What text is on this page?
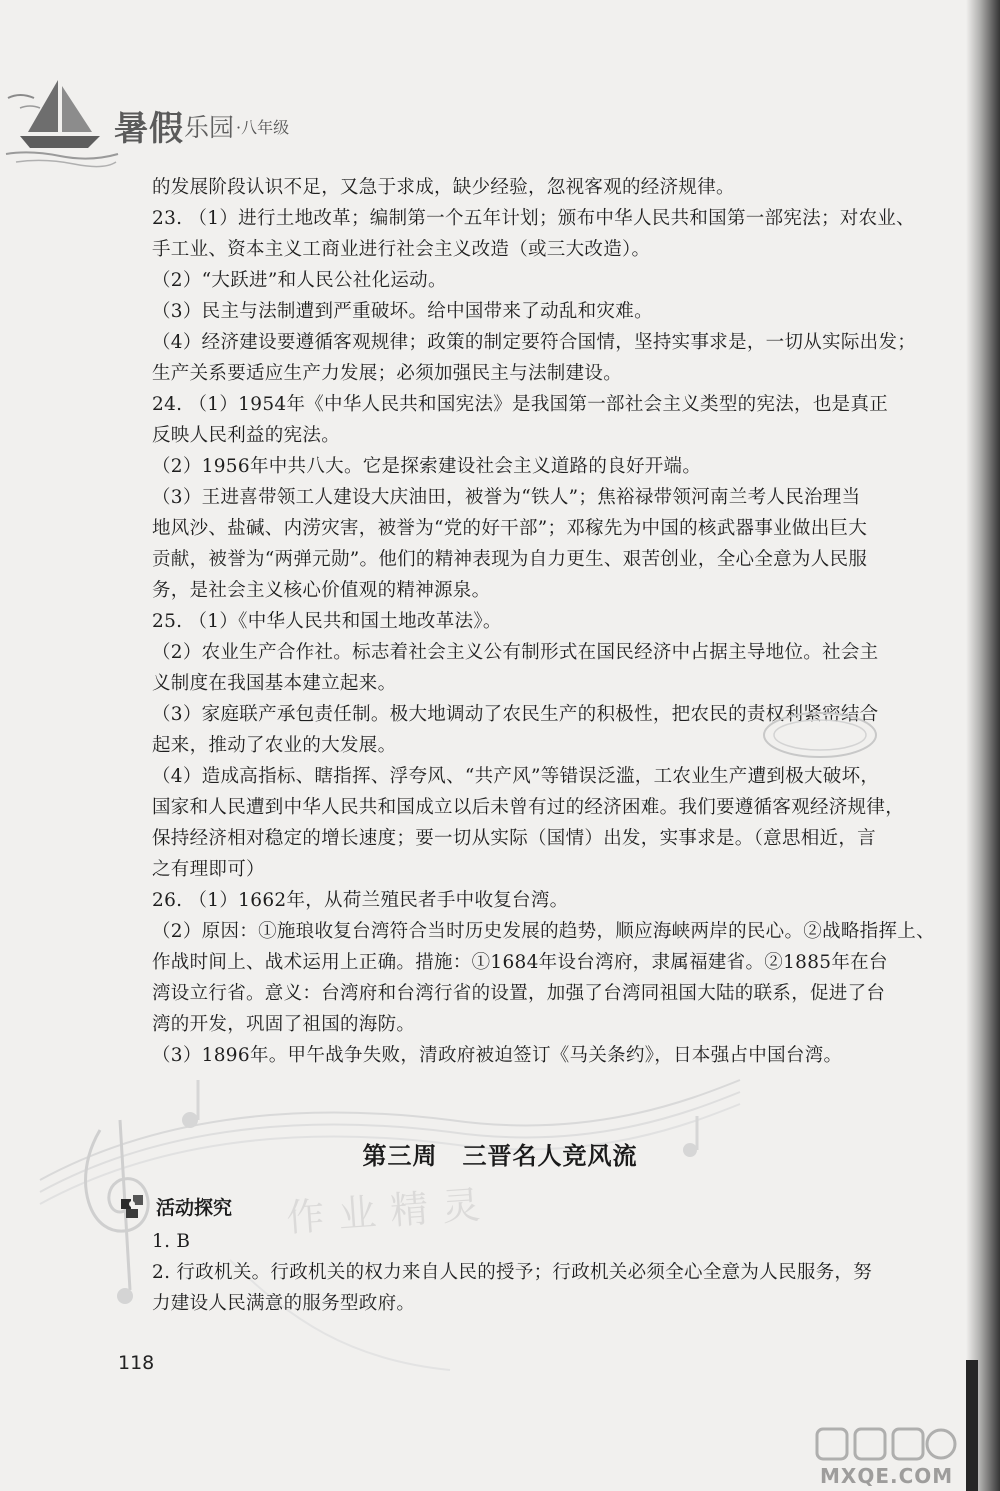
暑假 乐园 ·八年级
的发展阶段认识不足，又急于求成，缺少经验，忽视客观的经济规律。
23. （1）进行土地改革；编制第一个五年计划；颁布中华人民共和国第一部宪法；对农业、
手工业、资本主义工商业进行社会主义改造（或三大改造）。
（2）“大跃进”和人民公社化运动。
（3）民主与法制遭到严重破坏。给中国带来了动乱和灾难。
（4）经济建设要遵循客观规律；政策的制定要符合国情，坚持实事求是，一切从实际出发；
生产关系要适应生产力发展；必须加强民主与法制建设。
24. （1）1954年《中华人民共和国宪法》是我国第一部社会主义类型的宪法，也是真正
反映人民利益的宪法。
（2）1956年中共八大。它是探索建设社会主义道路的良好开端。
（3）王进喜带领工人建设大庆油田，被誉为“铁人”；焦裕禄带领河南兰考人民治理当
地风沙、盐碱、内涝灾害，被誉为“党的好干部”；邓稼先为中国的核武器事业做出巨大
贡献，被誉为“两弹元勋”。他们的精神表现为自力更生、艰苦创业，全心全意为人民服
务，是社会主义核心价值观的精神源泉。
25. （1）《中华人民共和国土地改革法》。
（2）农业生产合作社。标志着社会主义公有制形式在国民经济中占据主导地位。社会主
义制度在我国基本建立起来。
（3）家庭联产承包责任制。极大地调动了农民生产的积极性，把农民的责权利紧密结合
起来，推动了农业的大发展。
（4）造成高指标、瞎指挥、浮夸风、“共产风”等错误泛滥，工农业生产遭到极大破坏，
国家和人民遭到中华人民共和国成立以后未曾有过的经济困难。我们要遵循客观经济规律，
保持经济相对稳定的增长速度；要一切从实际（国情）出发，实事求是。（意思相近，言
之有理即可）
26. （1）1662年，从荷兰殖民者手中收复台湾。
（2）原因：①施琅收复台湾符合当时历史发展的趋势，顺应海峡两岸的民心。②战略指挥上、
作战时间上、战术运用上正确。措施：①1684年设台湾府，隶属福建省。②1885年在台
湾设立行省。意义：台湾府和台湾行省的设置，加强了台湾同祖国大陆的联系，促进了台
湾的开发，巩固了祖国的海防。
（3）1896年。甲午战争失败，清政府被迫签订《马关条约》，日本强占中国台湾。
作业精灵
第三周　三晋名人竞风流
活动探究
1. B
2. 行政机关。行政机关的权力来自人民的授予；行政机关必须全心全意为人民服务，努
力建设人民满意的服务型政府。
118
MXQE.COM
